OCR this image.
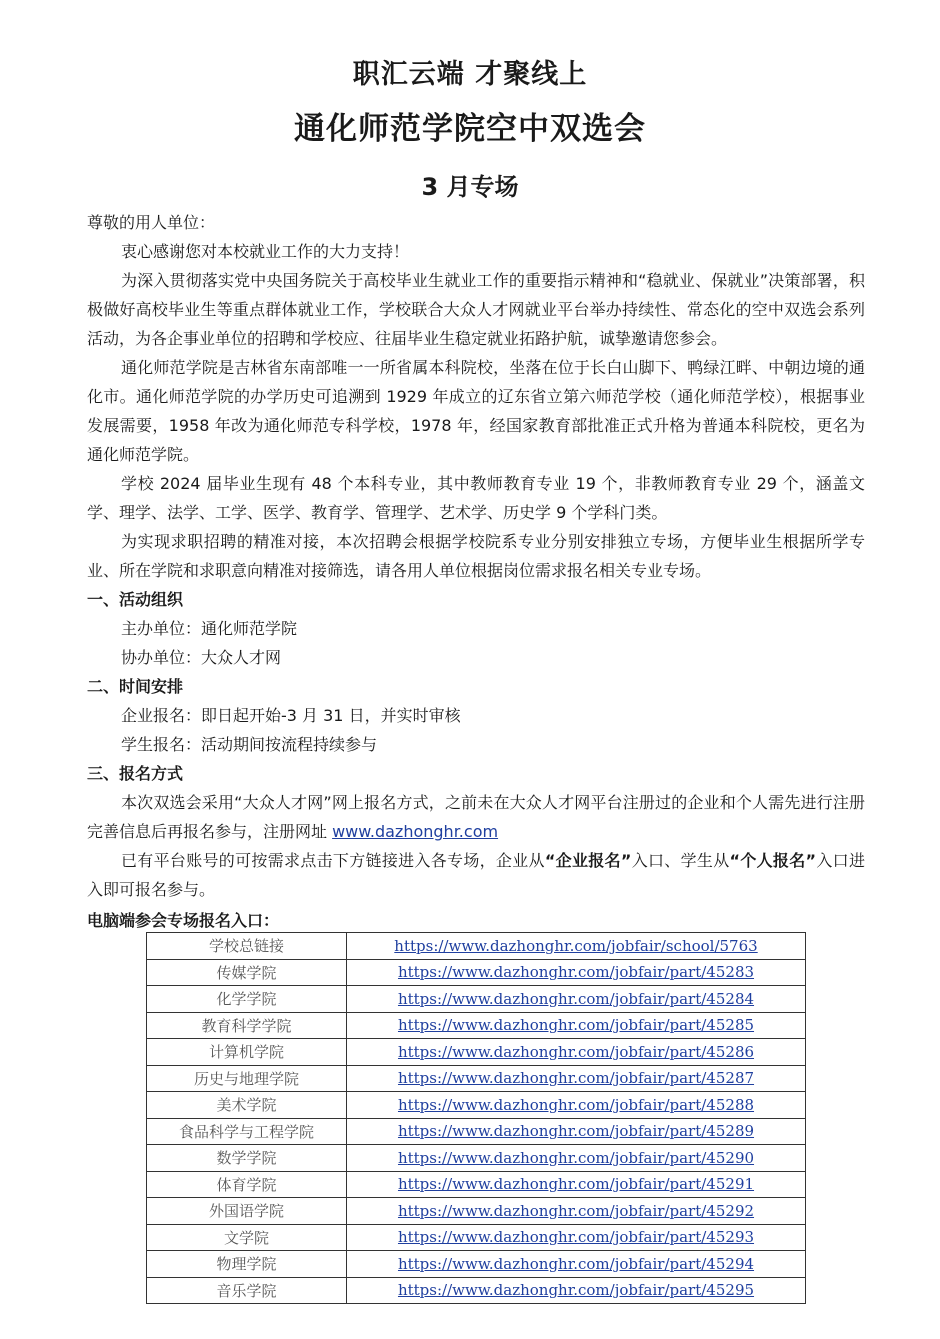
职汇云端 才聚线上
通化师范学院空中双选会
3 月专场

尊敬的用人单位：

衷心感谢您对本校就业工作的大力支持！

为深入贯彻落实党中央国务院关于高校毕业生就业工作的重要指示精神和“稳就业、保就业”决策部署，积极做好高校毕业生等重点群体就业工作，学校联合大众人才网就业平台举办持续性、常态化的空中双选会系列活动，为各企事业单位的招聘和学校应、往届毕业生稳定就业拓路护航，诚挚邀请您参会。

通化师范学院是吉林省东南部唯一一所省属本科院校，坐落在位于长白山脚下、鸭绿江畔、中朝边境的通化市。通化师范学院的办学历史可追溯到 1929 年成立的辽东省立第六师范学校（通化师范学校），根据事业发展需要，1958 年改为通化师范专科学校，1978 年，经国家教育部批准正式升格为普通本科院校，更名为通化师范学院。

学校 2024 届毕业生现有 48 个本科专业，其中教师教育专业 19 个，非教师教育专业 29 个，涵盖文学、理学、法学、工学、医学、教育学、管理学、艺术学、历史学 9 个学科门类。

为实现求职招聘的精准对接，本次招聘会根据学校院系专业分别安排独立专场，方便毕业生根据所学专业、所在学院和求职意向精准对接筛选，请各用人单位根据岗位需求报名相关专业专场。

一、活动组织

主办单位：通化师范学院

协办单位：大众人才网

二、时间安排

企业报名：即日起开始-3 月 31 日，并实时审核

学生报名：活动期间按流程持续参与

三、报名方式

本次双选会采用“大众人才网”网上报名方式，之前未在大众人才网平台注册过的企业和个人需先进行注册完善信息后再报名参与，注册网址 www.dazhonghr.com

已有平台账号的可按需求点击下方链接进入各专场，企业从“企业报名”入口、学生从“个人报名”入口进入即可报名参与。

电脑端参会专场报名入口：
学校总链接	https://www.dazhonghr.com/jobfair/school/5763
传媒学院	https://www.dazhonghr.com/jobfair/part/45283
化学学院	https://www.dazhonghr.com/jobfair/part/45284
教育科学学院	https://www.dazhonghr.com/jobfair/part/45285
计算机学院	https://www.dazhonghr.com/jobfair/part/45286
历史与地理学院	https://www.dazhonghr.com/jobfair/part/45287
美术学院	https://www.dazhonghr.com/jobfair/part/45288
食品科学与工程学院	https://www.dazhonghr.com/jobfair/part/45289
数学学院	https://www.dazhonghr.com/jobfair/part/45290
体育学院	https://www.dazhonghr.com/jobfair/part/45291
外国语学院	https://www.dazhonghr.com/jobfair/part/45292
文学院	https://www.dazhonghr.com/jobfair/part/45293
物理学院	https://www.dazhonghr.com/jobfair/part/45294
音乐学院	https://www.dazhonghr.com/jobfair/part/45295
